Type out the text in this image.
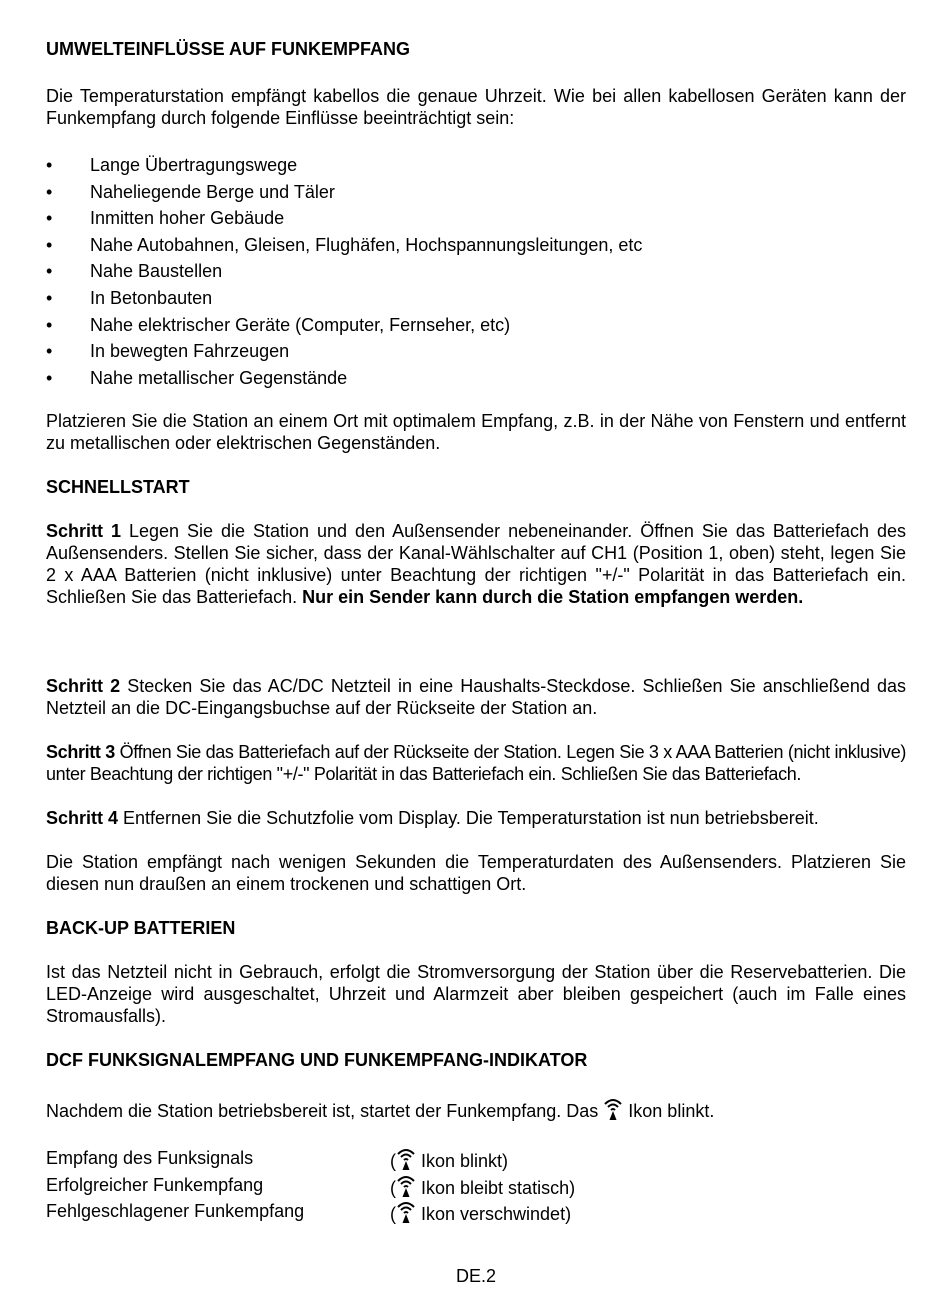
UMWELTEINFLÜSSE AUF FUNKEMPFANG

Die Temperaturstation empfängt kabellos die genaue Uhrzeit. Wie bei allen kabellosen Geräten kann der Funkempfang durch folgende Einflüsse beeinträchtigt sein:

• Lange Übertragungswege
• Naheliegende Berge und Täler
• Inmitten hoher Gebäude
• Nahe Autobahnen, Gleisen, Flughäfen, Hochspannungsleitungen, etc
• Nahe Baustellen
• In Betonbauten
• Nahe elektrischer Geräte (Computer, Fernseher, etc)
• In bewegten Fahrzeugen
• Nahe metallischer Gegenstände

Platzieren Sie die Station an einem Ort mit optimalem Empfang, z.B. in der Nähe von Fenstern und entfernt zu metallischen oder elektrischen Gegenständen.

SCHNELLSTART

Schritt 1 Legen Sie die Station und den Außensender nebeneinander. Öffnen Sie das Batteriefach des Außensenders. Stellen Sie sicher, dass der Kanal-Wählschalter auf CH1 (Position 1, oben) steht, legen Sie 2 x AAA Batterien (nicht inklusive) unter Beachtung der richtigen "+/-" Polarität in das Batteriefach ein. Schließen Sie das Batteriefach. Nur ein Sender kann durch die Station empfangen werden.

Schritt 2 Stecken Sie das AC/DC Netzteil in eine Haushalts-Steckdose. Schließen Sie anschließend das Netzteil an die DC-Eingangsbuchse auf der Rückseite der Station an.

Schritt 3 Öffnen Sie das Batteriefach auf der Rückseite der Station. Legen Sie 3 x AAA Batterien (nicht inklusive) unter Beachtung der richtigen "+/-" Polarität in das Batteriefach ein. Schließen Sie das Batteriefach.

Schritt 4 Entfernen Sie die Schutzfolie vom Display. Die Temperaturstation ist nun betriebsbereit.

Die Station empfängt nach wenigen Sekunden die Temperaturdaten des Außensenders. Platzieren Sie diesen nun draußen an einem trockenen und schattigen Ort.

BACK-UP BATTERIEN

Ist das Netzteil nicht in Gebrauch, erfolgt die Stromversorgung der Station über die Reservebatterien. Die LED-Anzeige wird ausgeschaltet, Uhrzeit und Alarmzeit aber bleiben gespeichert (auch im Falle eines Stromausfalls).

DCF FUNKSIGNALEMPFANG UND FUNKEMPFANG-INDIKATOR

Nachdem die Station betriebsbereit ist, startet der Funkempfang. Das
Ikon blinkt.

Empfang des Funksignals	(
Ikon blinkt)
Erfolgreicher Funkempfang	(
Ikon bleibt statisch)
Fehlgeschlagener Funkempfang	(
Ikon verschwindet)
DE.2
